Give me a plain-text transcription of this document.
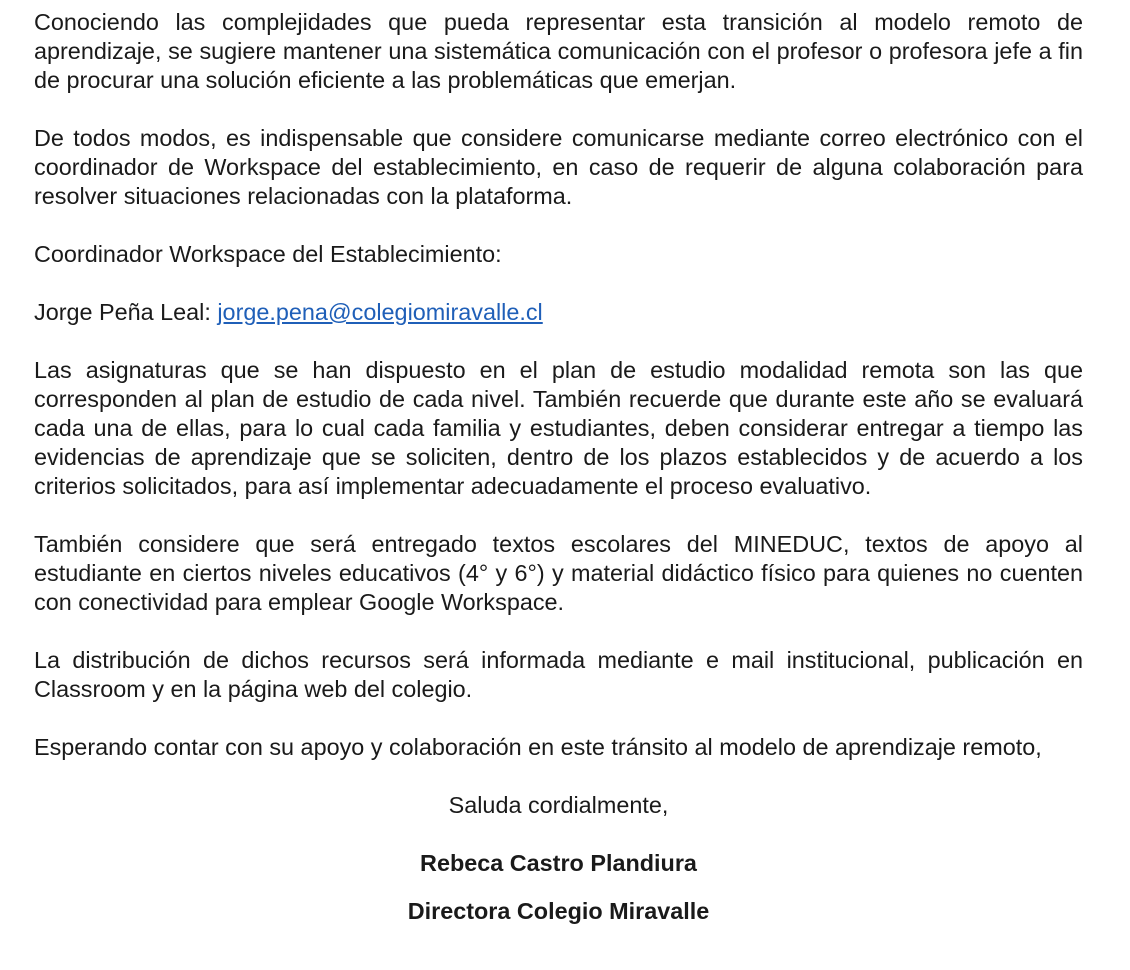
Conociendo las complejidades que pueda representar esta transición al modelo remoto de aprendizaje, se sugiere mantener una sistemática comunicación con el profesor o profesora jefe a fin de procurar una solución eficiente a las problemáticas que emerjan.

De todos modos, es indispensable que considere comunicarse mediante correo electrónico con el coordinador de Workspace del establecimiento, en caso de requerir de alguna colaboración para resolver situaciones relacionadas con la plataforma.

Coordinador Workspace del Establecimiento:

Jorge Peña Leal: jorge.pena@colegiomiravalle.cl

Las asignaturas que se han dispuesto en el plan de estudio modalidad remota son las que corresponden al plan de estudio de cada nivel. También recuerde que durante este año se evaluará cada una de ellas, para lo cual cada familia y estudiantes, deben considerar entregar a tiempo las evidencias de aprendizaje que se soliciten, dentro de los plazos establecidos y de acuerdo a los criterios solicitados, para así implementar adecuadamente el proceso evaluativo.

También considere que será entregado textos escolares del MINEDUC, textos de apoyo al estudiante en ciertos niveles educativos (4° y 6°) y material didáctico físico para quienes no cuenten con conectividad para emplear Google Workspace.

La distribución de dichos recursos será informada mediante e mail institucional, publicación en Classroom y en la página web del colegio.

Esperando contar con su apoyo y colaboración en este tránsito al modelo de aprendizaje remoto,

Saluda cordialmente,

Rebeca Castro Plandiura

Directora Colegio Miravalle
